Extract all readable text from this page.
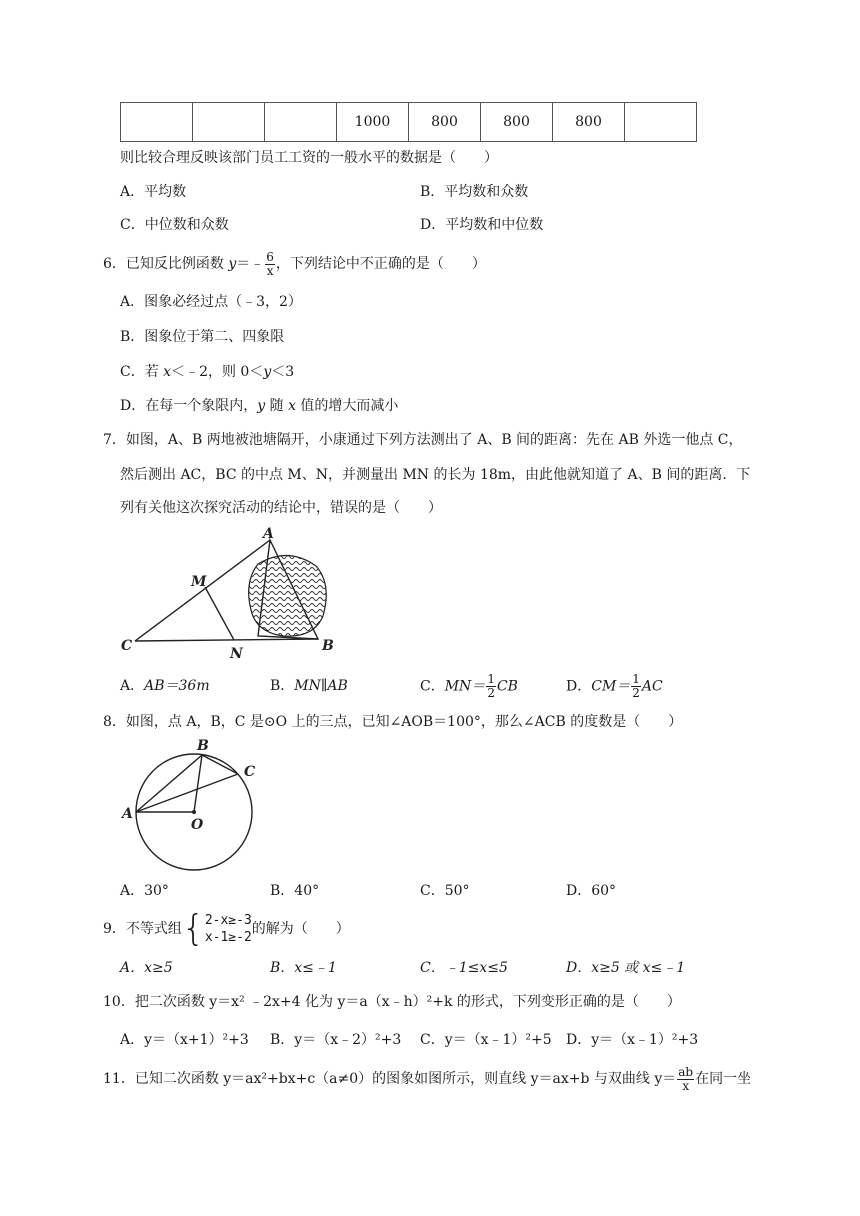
			1000	800	800	800	
则比较合理反映该部门员工工资的一般水平的数据是（　　）
A．平均数	B．平均数和众数
C．中位数和众数	D．平均数和中位数
6．已知反比例函数 y＝﹣ $\frac{6}{x}$ ，下列结论中不正确的是（　　）
A．图象必经过点（﹣3，2）
B．图象位于第二、四象限
C．若 x＜﹣2，则 0＜y＜3
D．在每一个象限内，y 随 x 值的增大而减小
7．如图，A、B 两地被池塘隔开，小康通过下列方法测出了 A、B 间的距离：先在 AB 外选一他点 C，
然后测出 AC，BC 的中点 M、N，并测量出 MN 的长为 18m，由此他就知道了 A、B 间的距离．下
列有关他这次探究活动的结论中，错误的是（　　）
A
M
C	N	B
A．AB＝36m	B．MN∥AB	C．$MN= \frac{1}{2}$ CB	D．$CM= \frac{1}{2}$ AC
8．如图，点 A，B，C 是⊙O 上的三点，已知∠AOB＝100°，那么∠ACB 的度数是（　　）
A
B
C
O
A．30°	B．40°	C．50°	D．60°
9．不等式组{ 2-x≥-3
x-1≥-2
的解为（　　）
A．x≥5	B．x≤﹣1	C．﹣1≤x≤5	D．x≥5 或 x≤﹣1
10．把二次函数 y＝x² ﹣2x+4 化为 y＝a（x﹣h）²+k 的形式，下列变形正确的是（　　）
A．y＝（x+1）²+3 B．y＝（x﹣2）²+3 C．y＝（x﹣1）²+5 D．y＝（x﹣1）²+3
11．已知二次函数 y＝ax²+bx+c（a≠0）的图象如图所示，则直线 y＝ax+b 与双曲线 $y= \frac{ab}{x}$ 在同一坐
